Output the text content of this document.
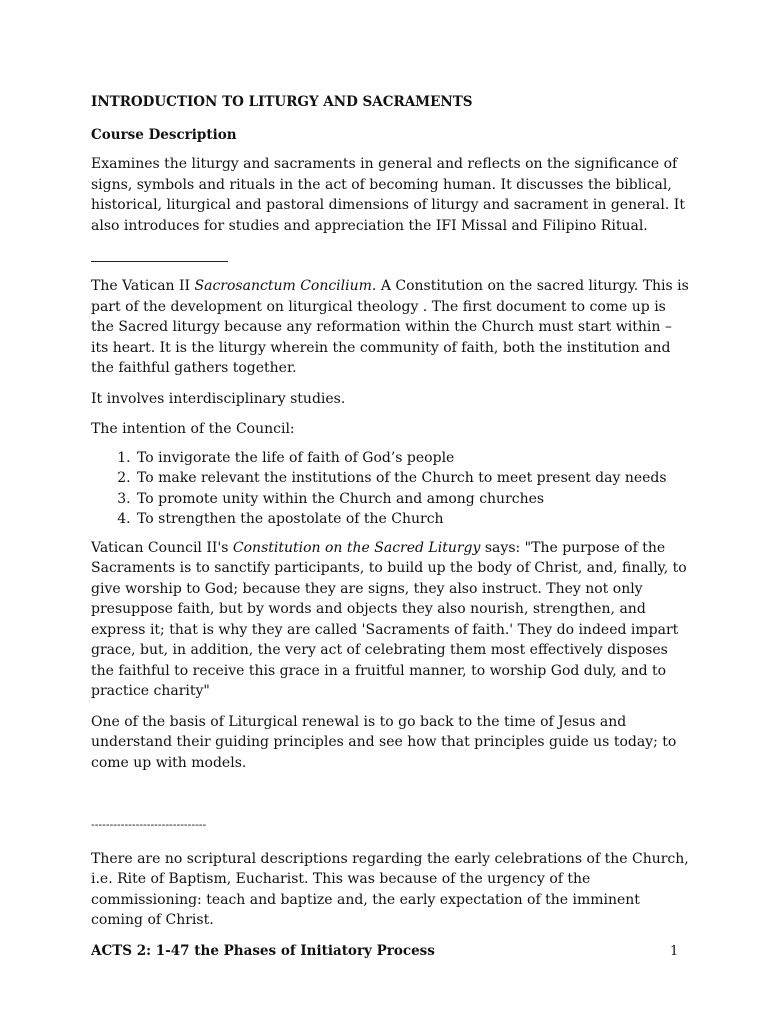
INTRODUCTION TO LITURGY AND SACRAMENTS
Course Description

Examines the liturgy and sacraments in general and reflects on the significance of signs, symbols and rituals in the act of becoming human. It discusses the biblical, historical, liturgical and pastoral dimensions of liturgy and sacrament in general. It also introduces for studies and appreciation the IFI Missal and Filipino Ritual.

The Vatican II Sacrosanctum Concilium. A Constitution on the sacred liturgy. This is part of the development on liturgical theology . The first document to come up is the Sacred liturgy because any reformation within the Church must start within – its heart. It is the liturgy wherein the community of faith, both the institution and the faithful gathers together.

It involves interdisciplinary studies.

The intention of the Council:

1. To invigorate the life of faith of God’s people
2. To make relevant the institutions of the Church to meet present day needs
3. To promote unity within the Church and among churches
4. To strengthen the apostolate of the Church

Vatican Council II's Constitution on the Sacred Liturgy says: "The purpose of the Sacraments is to sanctify participants, to build up the body of Christ, and, finally, to give worship to God; because they are signs, they also instruct. They not only presuppose faith, but by words and objects they also nourish, strengthen, and express it; that is why they are called 'Sacraments of faith.' They do indeed impart grace, but, in addition, the very act of celebrating them most effectively disposes the faithful to receive this grace in a fruitful manner, to worship God duly, and to practice charity"

One of the basis of Liturgical renewal is to go back to the time of Jesus and understand their guiding principles and see how that principles guide us today; to come up with models.

-------------------------------

There are no scriptural descriptions regarding the early celebrations of the Church, i.e. Rite of Baptism, Eucharist. This was because of the urgency of the commissioning: teach and baptize and, the early expectation of the imminent coming of Christ.

ACTS 2: 1-47 the Phases of Initiatory Process	1
